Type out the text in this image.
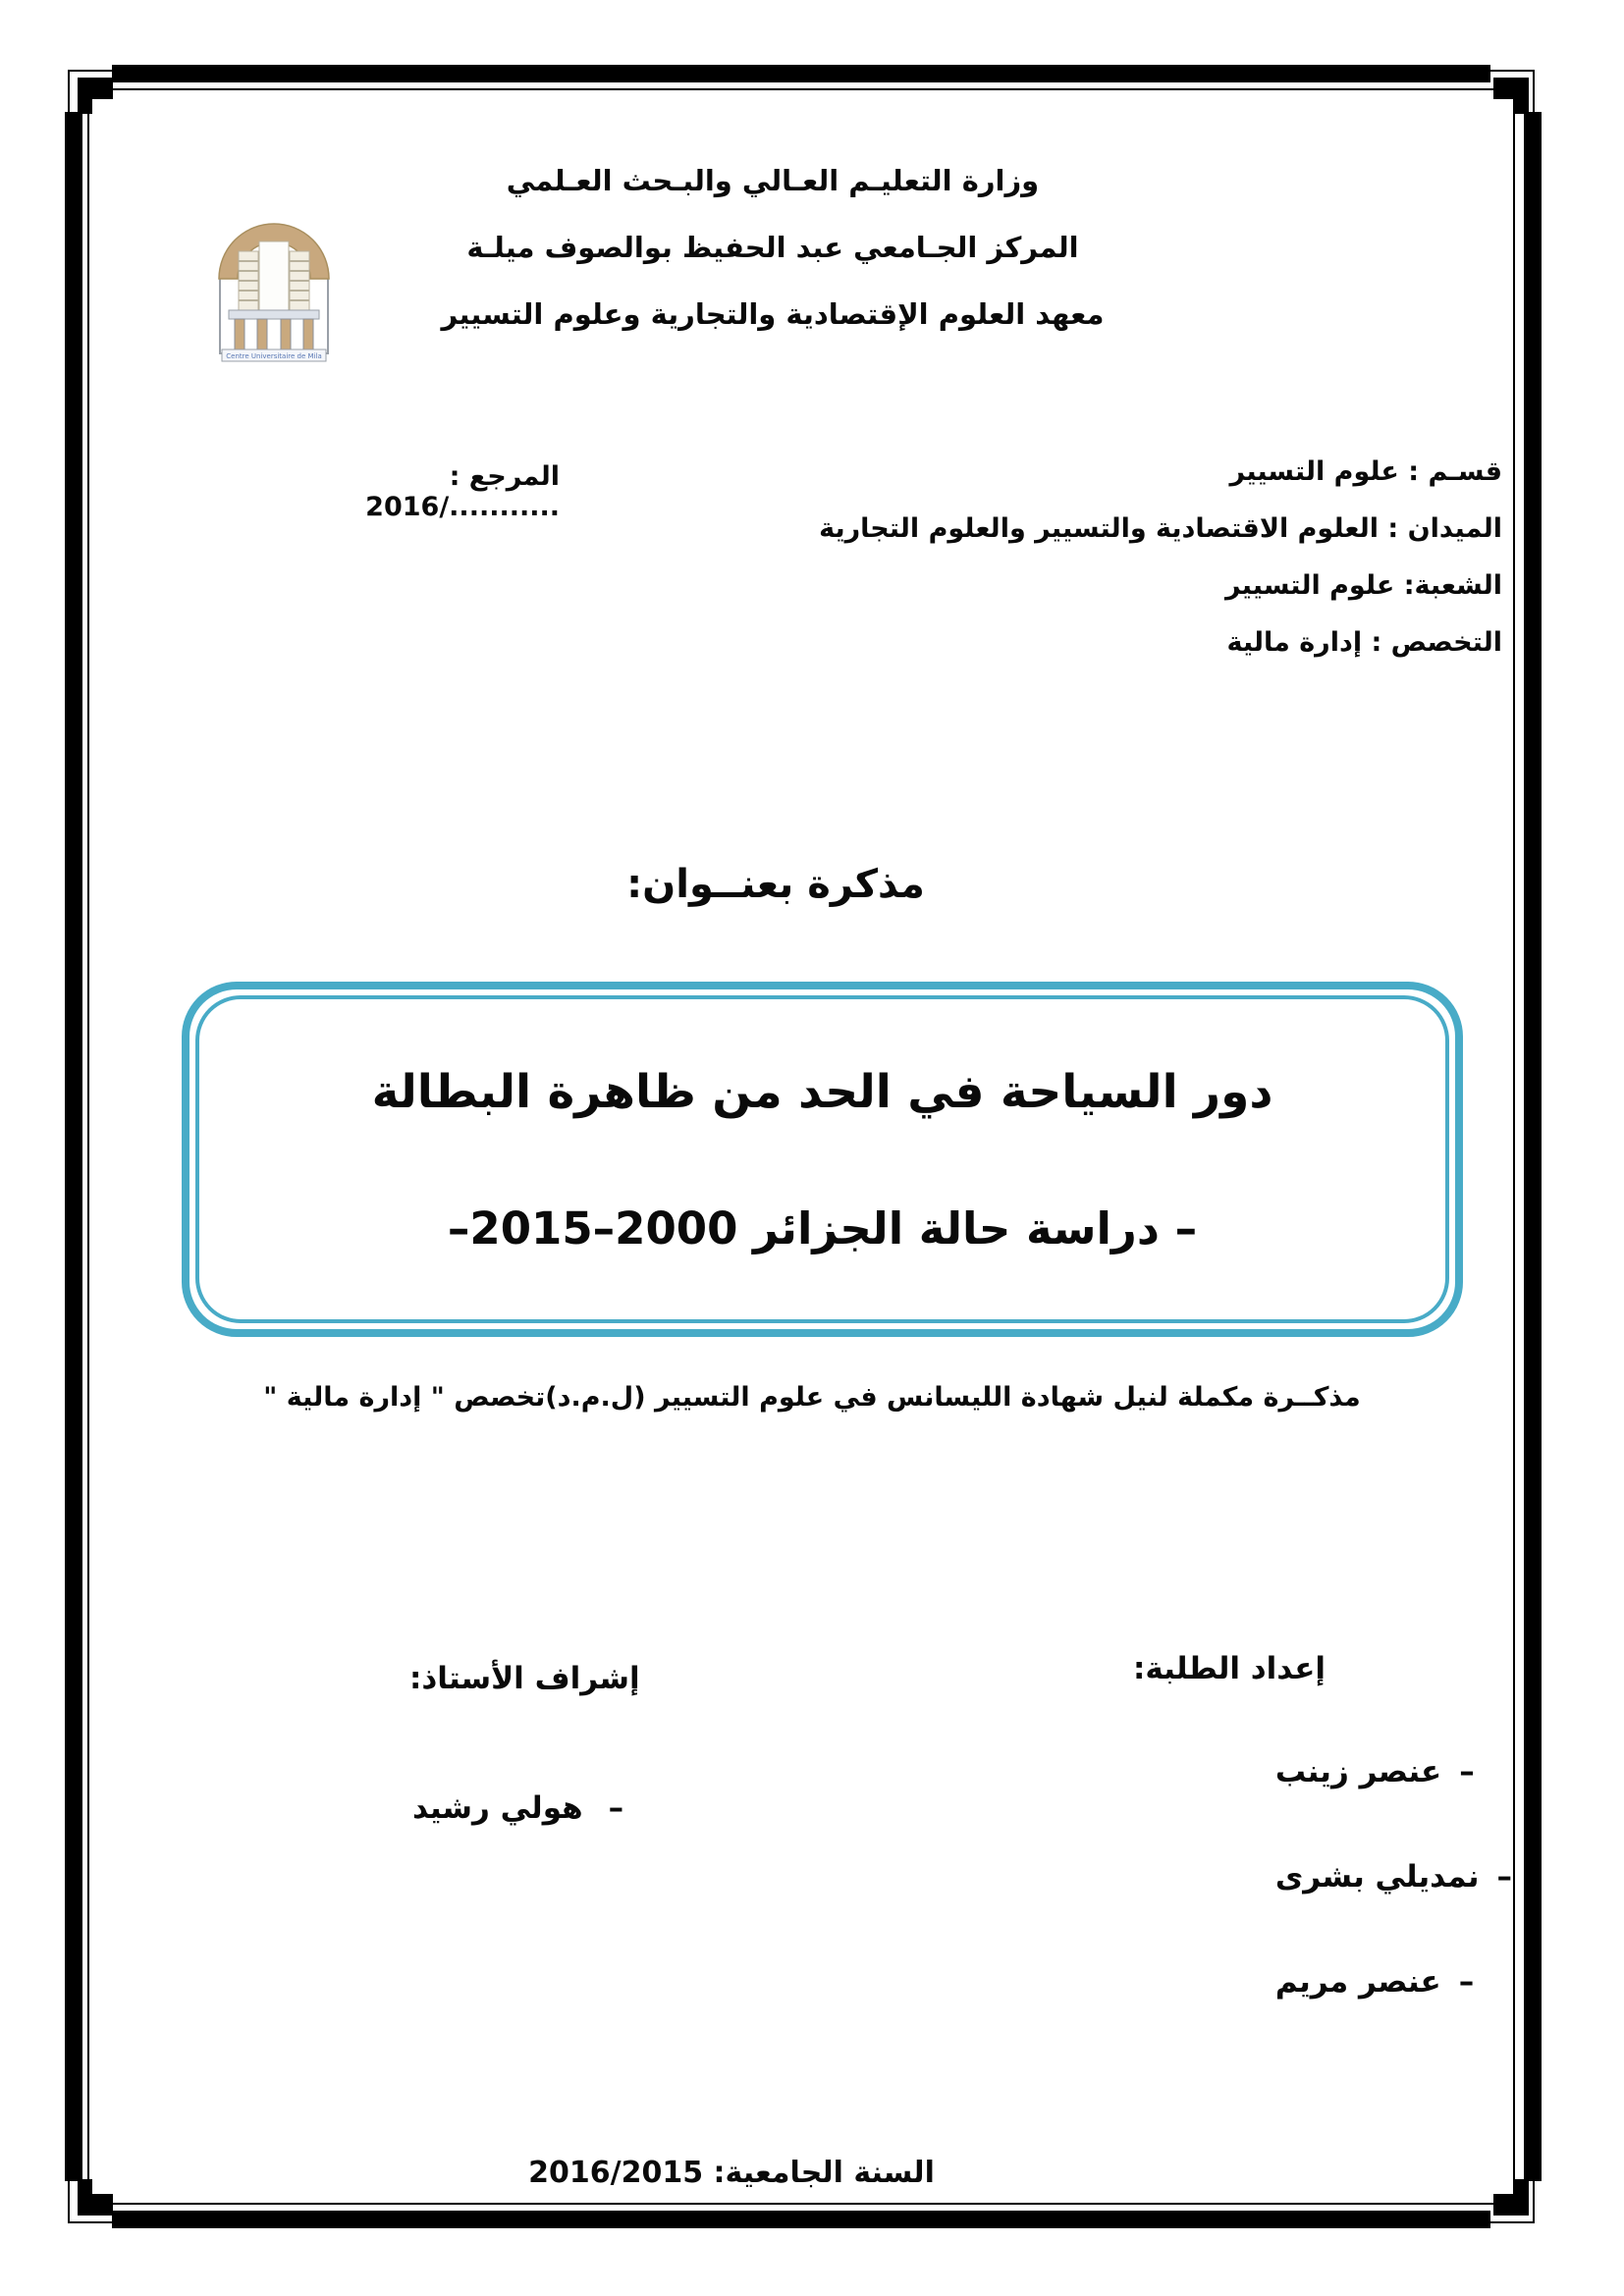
Centre Universitaire de Mila
وزارة التعليـم العـالي والبـحث العـلمي
المركز الجـامعي عبد الحفيظ بوالصوف ميلـة
معهد العلوم الإقتصادية والتجارية وعلوم التسيير
قسـم : علوم التسيير
الميدان : العلوم الاقتصادية والتسيير والعلوم التجارية
الشعبة: علوم التسيير
التخصص : إدارة مالية
المرجع : .........../2016
مذكرة بعنــوان:
دور السياحة في الحد من ظاهرة البطالة
– دراسة حالة الجزائر 2000–2015–
مذكــرة مكملة لنيل شهادة الليسانس في علوم التسيير (ل.م.د)تخصص " إدارة مالية "
إعداد الطلبة:
–
عنصر زينب
–
نمديلي بشرى
–
عنصر مريم
إشراف الأستاذ:
–
هولي رشيد
السنة الجامعية: 2016/2015
